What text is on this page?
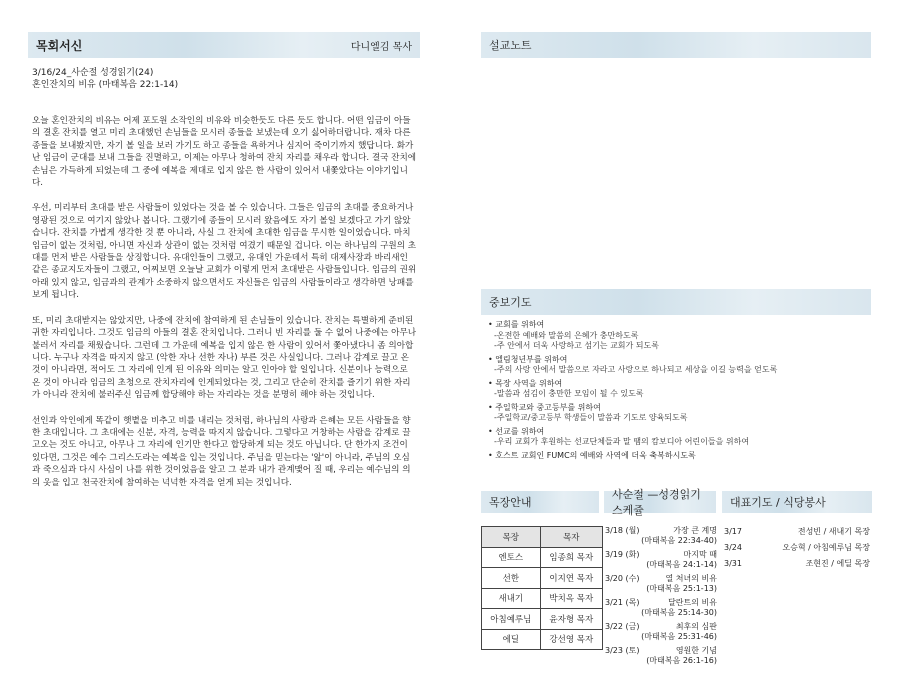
목회서신	다니엘김 목사
3/16/24_사순절 성경읽기(24)
혼인잔치의 비유 (마태복음 22:1-14)

오늘 혼인잔치의 비유는 어제 포도원 소작인의 비유와 비슷한듯도 다른 듯도 합니다. 어떤 임금이 아들의 결혼 잔치를 열고 미리 초대했던 손님들을 모시러 종들을 보냈는데 오기 싫어하더랍니다. 재차 다른 종들을 보내봤지만, 자기 볼 일을 보러 가기도 하고 종들을 욕하거나 심지어 죽이기까지 했답니다. 화가 난 임금이 군대를 보내 그들을 진멸하고, 이제는 아무나 청하여 잔치 자리를 채우라 합니다. 결국 잔치에 손님은 가득하게 되었는데 그 중에 예복을 제대로 입지 않은 한 사람이 있어서 내쫓았다는 이야기입니다.

우선, 미리부터 초대를 받은 사람들이 있었다는 것을 볼 수 있습니다. 그들은 임금의 초대를 중요하거나 영광된 것으로 여기지 않았나 봅니다. 그랬기에 종들이 모시러 왔음에도 자기 볼일 보겠다고 가기 않았습니다. 잔치를 가볍게 생각한 것 뿐 아니라, 사실 그 잔치에 초대한 임금을 무시한 일이었습니다. 마치 임금이 없는 것처럼, 아니면 자신과 상관이 없는 것처럼 여겼기 때문일 겁니다. 이는 하나님의 구원의 초대를 먼저 받은 사람들을 상징합니다. 유대인들이 그랬고, 유대인 가운데서 특히 대제사장과 바리새인 같은 종교지도자들이 그랬고, 어찌보면 오늘날 교회가 이렇게 먼저 초대받은 사람들입니다. 임금의 권위 아래 있지 않고, 임금과의 관계가 소중하지 않으면서도 자신들은 임금의 사람들이라고 생각하면 낭패를 보게 됩니다.

또, 미리 초대받지는 않았지만, 나중에 잔치에 참여하게 된 손님들이 있습니다. 잔치는 특별하게 준비된 귀한 자리입니다. 그것도 임금의 아들의 결혼 잔치입니다. 그러니 빈 자리를 둘 수 없어 나중에는 아무나 불러서 자리를 채웠습니다. 그런데 그 가운데 예복을 입지 않은 한 사람이 있어서 쫓아냈다니 좀 의아합니다. 누구나 자격을 따지지 않고 (악한 자나 선한 자나) 부른 것은 사실입니다. 그러나 감계로 끌고 온 것이 아니라면, 적어도 그 자리에 인게 된 이유와 의미는 알고 인아야 할 일입니다. 신분이나 능력으로 온 것이 아니라 임금의 초청으로 잔치자리에 인게되었다는 것, 그리고 단순히 잔치를 즐기기 위한 자리가 아니라 잔치에 불러주신 임금께 합당해야 하는 자리라는 것을 분명히 해야 하는 것입니다.

선인과 악인에게 똑같이 햇볕을 비추고 비를 내리는 것처럼, 하나님의 사랑과 은혜는 모든 사람들을 향한 초대입니다. 그 초대에는 신분, 자격, 능력을 따지지 않습니다. 그렇다고 거창하는 사람을 감계로 끌고오는 것도 아니고, 아무나 그 자리에 인기만 한다고 합당하게 되는 것도 아닙니다. 단 한가지 조건이 있다면, 그것은 예수 그리스도라는 예복을 입는 것입니다. 주님을 믿는다는 '앎'이 아니라, 주님의 오심과 죽으심과 다시 사심이 나를 위한 것이었음을 알고 그 분과 내가 관계맺어 질 때, 우리는 예수님의 의의 옷을 입고 천국잔치에 참여하는 넉넉한 자격을 얻게 되는 것입니다.

설교노트
중보기도
• 교회를 위하여
-온전한 예배와 말씀의 은혜가 충만하도록
-주 안에서 더욱 사랑하고 섬기는 교회가 되도록
• 엘림청년부를 위하여
-주의 사랑 안에서 말씀으로 자라고 사랑으로 하나되고 세상을 이길 능력을 얻도록
• 목장 사역을 위하여
-말씀과 섬김이 충만한 모임이 될 수 있도록
• 주일학교와 중고등부를 위하여
-주일학교/중고등부 학생들이 말씀과 기도로 양육되도록
• 선교를 위하여
-우리 교회가 후원하는 선교단체들과 말 땜의 캄보디아 어린이들을 위하여
• 호스트 교회인 FUMC의 예배와 사역에 더욱 축복하시도록
목장안내
목장	목자
엔토스	임종희 목자
선한	이지연 목자
새내기	박치옥 목자
아침예루님	윤자형 목자
에딜	강선영 목자
사순절 —성경읽기스케쥴
3/18 (월)	가장 큰 계명
(마태복음 22:34-40)
3/19 (화)	마지막 때
(마태복음 24:1-14)
3/20 (수)	열 처녀의 비유
(마태복음 25:1-13)
3/21 (목)	달란트의 비유
(마태복음 25:14-30)
3/22 (금)	최후의 심판
(마태복음 25:31-46)
3/23 (토)	영원한 기념
(마태복음 26:1-16)
대표기도 / 식당봉사
3/17	전성빈 / 새내기 목장
3/24	오승혁 / 아침예루님 목장
3/31	조현진 / 에딜 목장
